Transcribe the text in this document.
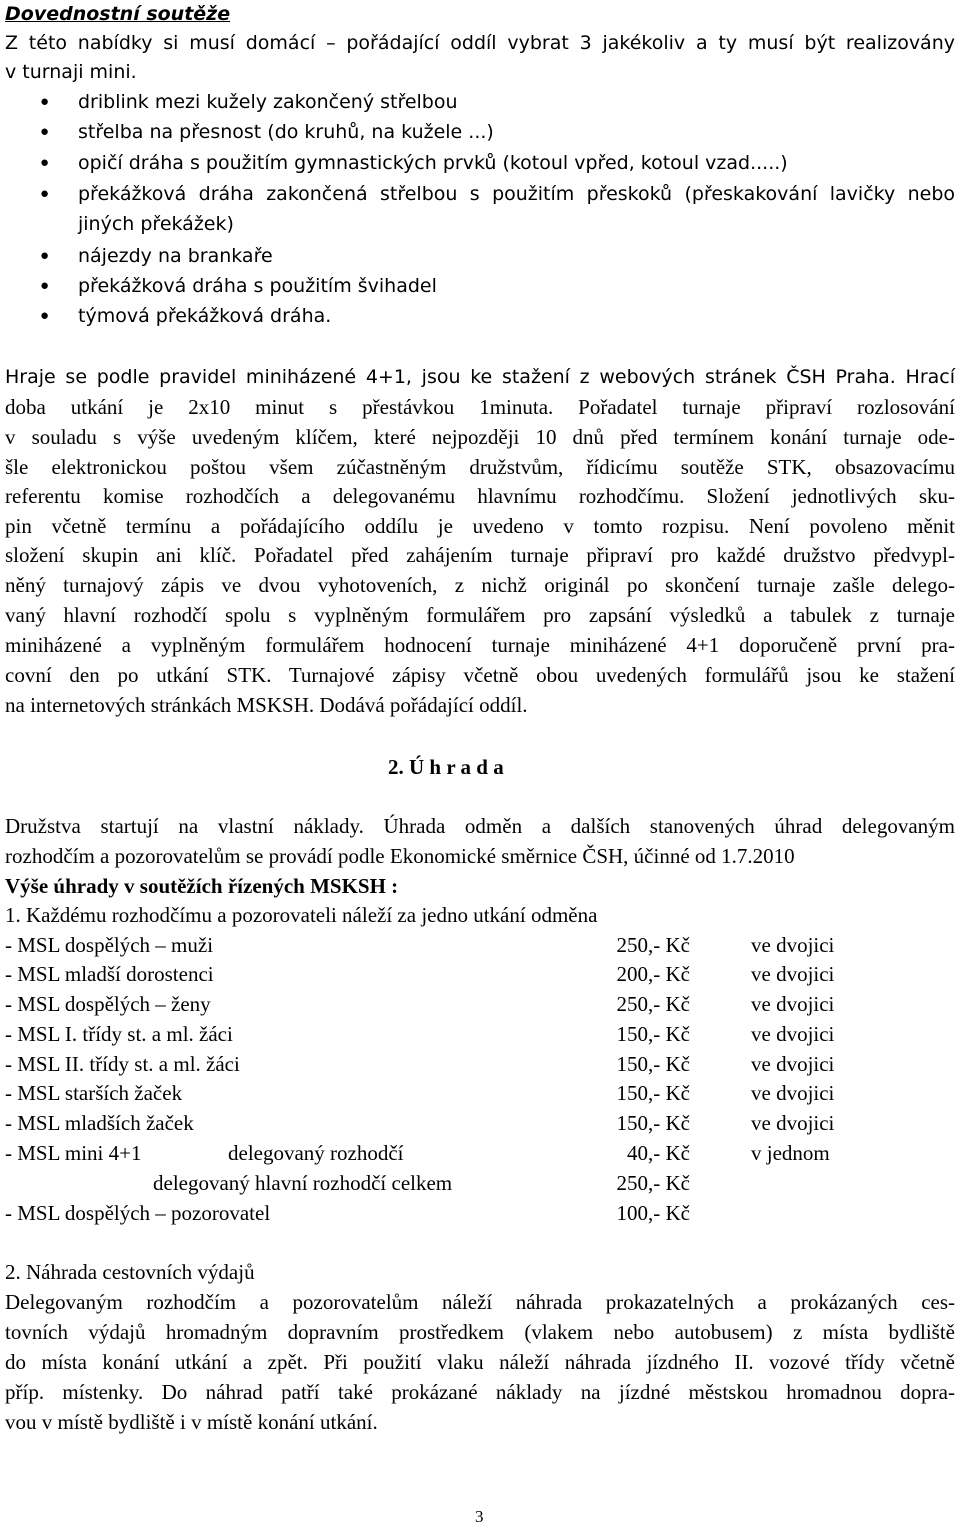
Dovednostní soutěže
Z této nabídky si musí domácí – pořádající oddíl vybrat 3 jakékoliv a ty musí být realizovány
v turnaji mini.
● driblink mezi kužely zakončený střelbou
● střelba na přesnost (do kruhů, na kužele ...)
● opičí dráha s použitím gymnastických prvků (kotoul vpřed, kotoul vzad.....)
● překážková dráha zakončená střelbou s použitím přeskoků (přeskakování lavičky nebo
jiných překážek)
● nájezdy na brankaře
● překážková dráha s použitím švihadel
● týmová překážková dráha.
Hraje se podle pravidel miniházené 4+1, jsou ke stažení z webových stránek ČSH Praha. Hrací
doba utkání je 2x10 minut s přestávkou 1minuta. Pořadatel turnaje připraví rozlosování
v souladu s výše uvedeným klíčem, které nejpozději 10 dnů před termínem konání turnaje ode-
šle elektronickou poštou všem zúčastněným družstvům, řídicímu soutěže STK, obsazovacímu
referentu komise rozhodčích a delegovanému hlavnímu rozhodčímu. Složení jednotlivých sku-
pin včetně termínu a pořádajícího oddílu je uvedeno v tomto rozpisu. Není povoleno měnit
složení skupin ani klíč. Pořadatel před zahájením turnaje připraví pro každé družstvo předvypl-
něný turnajový zápis ve dvou vyhotoveních, z nichž originál po skončení turnaje zašle delego-
vaný hlavní rozhodčí spolu s vyplněným formulářem pro zapsání výsledků a tabulek z turnaje
miniházené a vyplněným formulářem hodnocení turnaje miniházené 4+1 doporučeně první pra-
covní den po utkání STK. Turnajové zápisy včetně obou uvedených formulářů jsou ke stažení
na internetových stránkách MSKSH. Dodává pořádající oddíl.
2. Ú h r a d a
Družstva startují na vlastní náklady. Úhrada odměn a dalších stanovených úhrad delegovaným
rozhodčím a pozorovatelům se provádí podle Ekonomické směrnice ČSH, účinné od 1.7.2010
Výše úhrady v soutěžích řízených MSKSH :
1. Každému rozhodčímu a pozorovateli náleží za jedno utkání odměna
- MSL dospělých – muži	250,- Kč	ve dvojici
- MSL mladší dorostenci	200,- Kč	ve dvojici
- MSL dospělých – ženy	250,- Kč	ve dvojici
- MSL I. třídy st. a ml. žáci	150,- Kč	ve dvojici
- MSL II. třídy st. a ml. žáci	150,- Kč	ve dvojici
- MSL starších žaček	150,- Kč	ve dvojici
- MSL mladších žaček	150,- Kč	ve dvojici
- MSL mini 4+1	delegovaný rozhodčí	40,- Kč	v jednom
delegovaný hlavní rozhodčí celkem	250,- Kč
- MSL dospělých – pozorovatel	100,- Kč
2. Náhrada cestovních výdajů
Delegovaným rozhodčím a pozorovatelům náleží náhrada prokazatelných a prokázaných ces-
tovních výdajů hromadným dopravním prostředkem (vlakem nebo autobusem) z místa bydliště
do místa konání utkání a zpět. Při použití vlaku náleží náhrada jízdného II. vozové třídy včetně
příp. místenky. Do náhrad patří také prokázané náklady na jízdné městskou hromadnou dopra-
vou v místě bydliště i v místě konání utkání.
3
